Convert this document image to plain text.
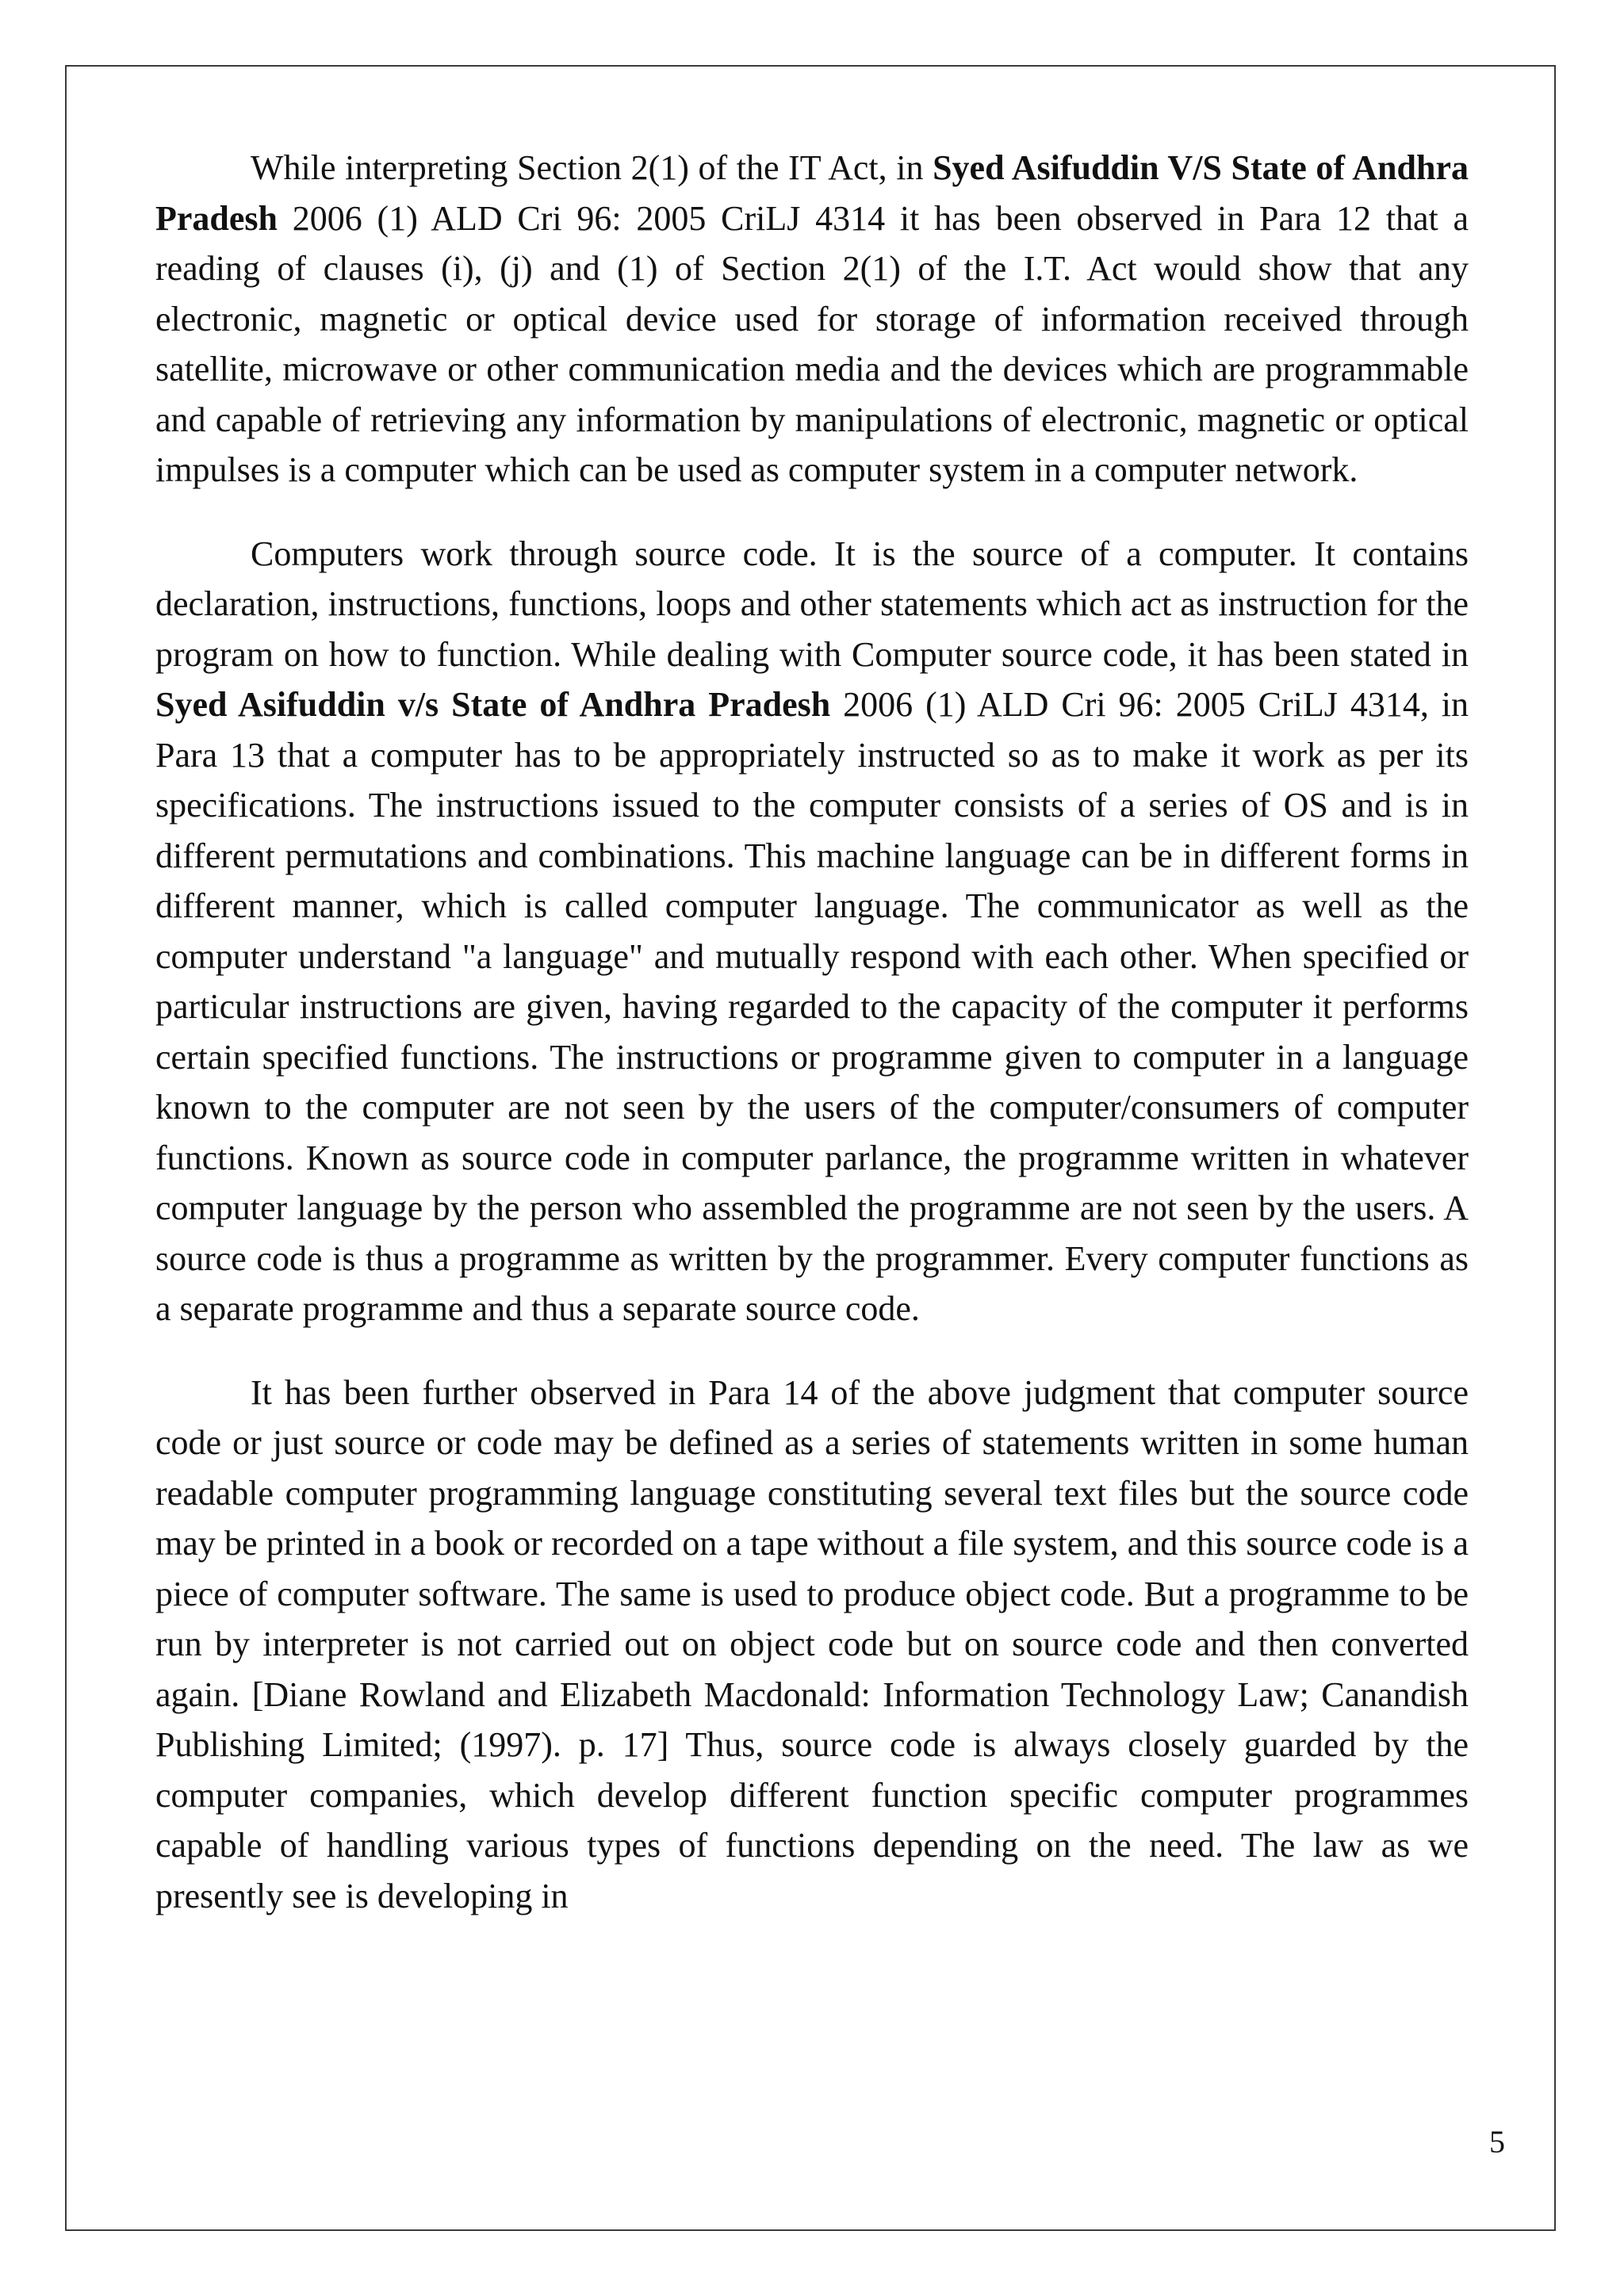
While interpreting Section 2(1) of the IT Act, in Syed Asifuddin V/S State of Andhra Pradesh 2006 (1) ALD Cri 96: 2005 CriLJ 4314 it has been observed in Para 12 that a reading of clauses (i), (j) and (1) of Section 2(1) of the I.T. Act would show that any electronic, magnetic or optical device used for storage of information received through satellite, microwave or other communication media and the devices which are programmable and capable of retrieving any information by manipulations of electronic, magnetic or optical impulses is a computer which can be used as computer system in a computer network.

Computers work through source code. It is the source of a computer. It contains declaration, instructions, functions, loops and other statements which act as instruction for the program on how to function. While dealing with Computer source code, it has been stated in Syed Asifuddin v/s State of Andhra Pradesh 2006 (1) ALD Cri 96: 2005 CriLJ 4314, in Para 13 that a computer has to be appropriately instructed so as to make it work as per its specifications. The instructions issued to the computer consists of a series of OS and is in different permutations and combinations. This machine language can be in different forms in different manner, which is called computer language. The communicator as well as the computer understand "a language" and mutually respond with each other. When specified or particular instructions are given, having regarded to the capacity of the computer it performs certain specified functions. The instructions or programme given to computer in a language known to the computer are not seen by the users of the computer/consumers of computer functions. Known as source code in computer parlance, the programme written in whatever computer language by the person who assembled the programme are not seen by the users. A source code is thus a programme as written by the programmer. Every computer functions as a separate programme and thus a separate source code.

It has been further observed in Para 14 of the above judgment that computer source code or just source or code may be defined as a series of statements written in some human readable computer programming language constituting several text files but the source code may be printed in a book or recorded on a tape without a file system, and this source code is a piece of computer software. The same is used to produce object code. But a programme to be run by interpreter is not carried out on object code but on source code and then converted again. [Diane Rowland and Elizabeth Macdonald: Information Technology Law; Canandish Publishing Limited; (1997). p. 17] Thus, source code is always closely guarded by the computer companies, which develop different function specific computer programmes capable of handling various types of functions depending on the need. The law as we presently see is developing in

5
